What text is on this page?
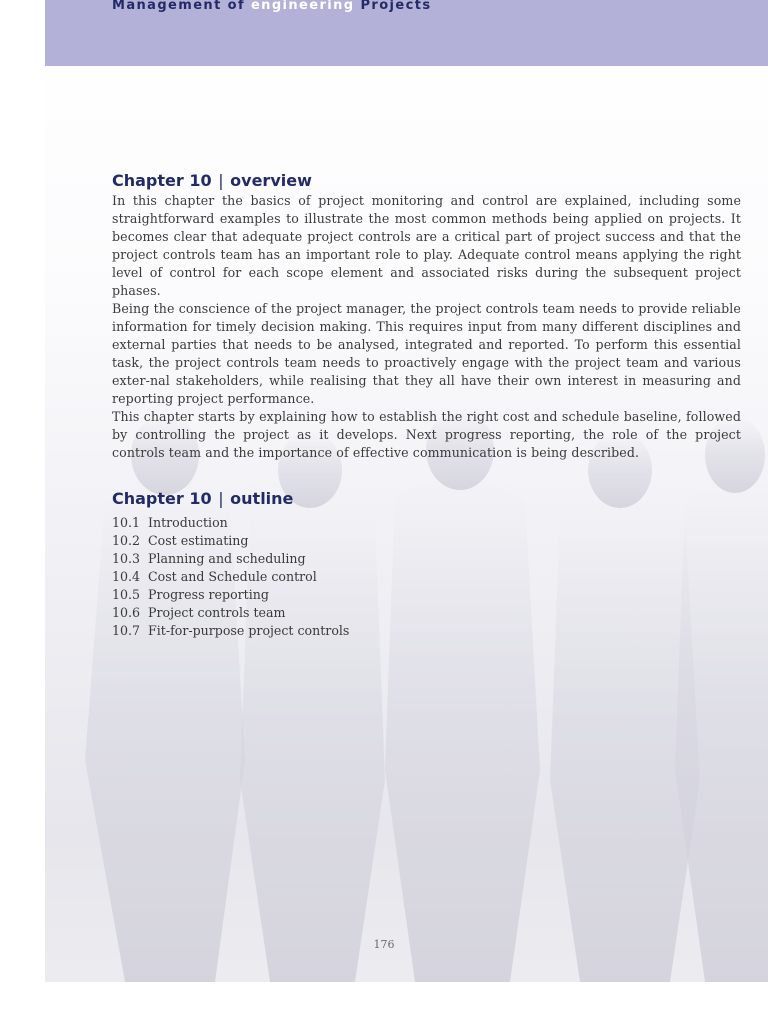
Management of engineering Projects
Chapter 10 | overview

In this chapter the basics of project monitoring and control are explained, including some straightforward examples to illustrate the most common methods being applied on projects. It becomes clear that adequate project controls are a critical part of project success and that the project controls team has an important role to play. Adequate control means applying the right level of control for each scope element and associated risks during the subsequent project phases.

Being the conscience of the project manager, the project controls team needs to provide reliable information for timely decision making. This requires input from many different disciplines and external parties that needs to be analysed, integrated and reported. To perform this essential task, the project controls team needs to proactively engage with the project team and various exter-nal stakeholders, while realising that they all have their own interest in measuring and reporting project performance.

This chapter starts by explaining how to establish the right cost and schedule baseline, followed by controlling the project as it develops. Next progress reporting, the role of the project controls team and the importance of effective communication is being described.

Chapter 10 | outline
10.1 Introduction
10.2 Cost estimating
10.3 Planning and scheduling
10.4 Cost and Schedule control
10.5 Progress reporting
10.6 Project controls team
10.7 Fit-for-purpose project controls
176
